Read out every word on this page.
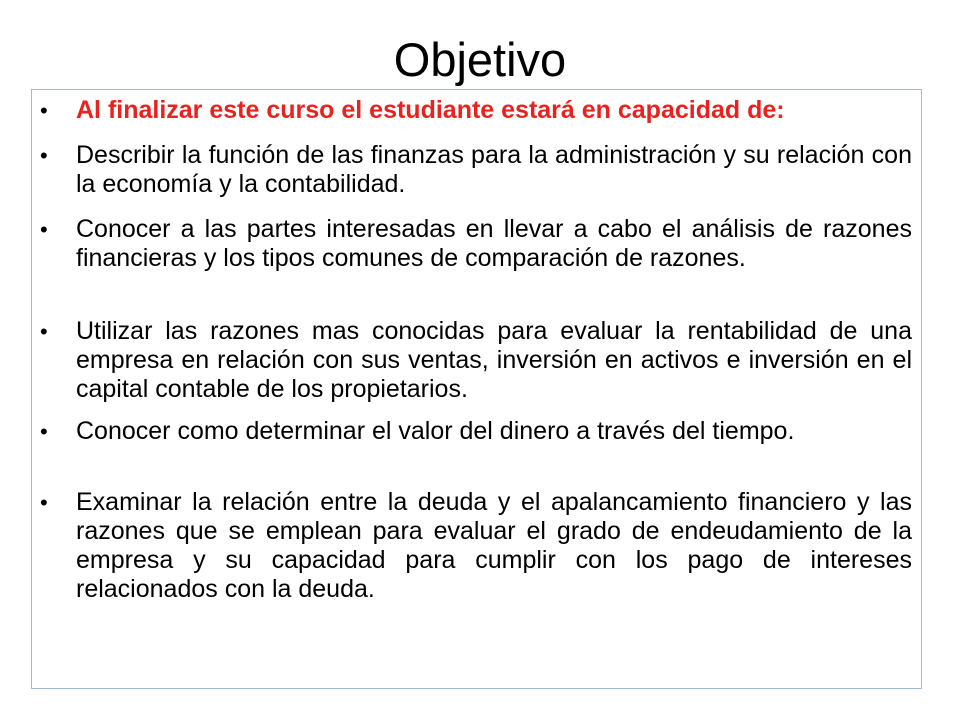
Objetivo
•	Al finalizar este curso el estudiante estará en capacidad de:
•	Describir la función de las finanzas para la administración y su relación con la economía y la contabilidad.
•	Conocer a las partes interesadas en llevar a cabo el análisis de razones financieras y los tipos comunes de comparación de razones.
•	Utilizar las razones mas conocidas para evaluar la rentabilidad de una empresa en relación con sus ventas, inversión en activos e inversión en el capital contable de los propietarios.
•	Conocer como determinar el valor del dinero a través del tiempo.
•	Examinar la relación entre la deuda y el apalancamiento financiero y las razones que se emplean para evaluar el grado de endeudamiento de la empresa y su capacidad para cumplir con los pago de intereses relacionados con la deuda.
